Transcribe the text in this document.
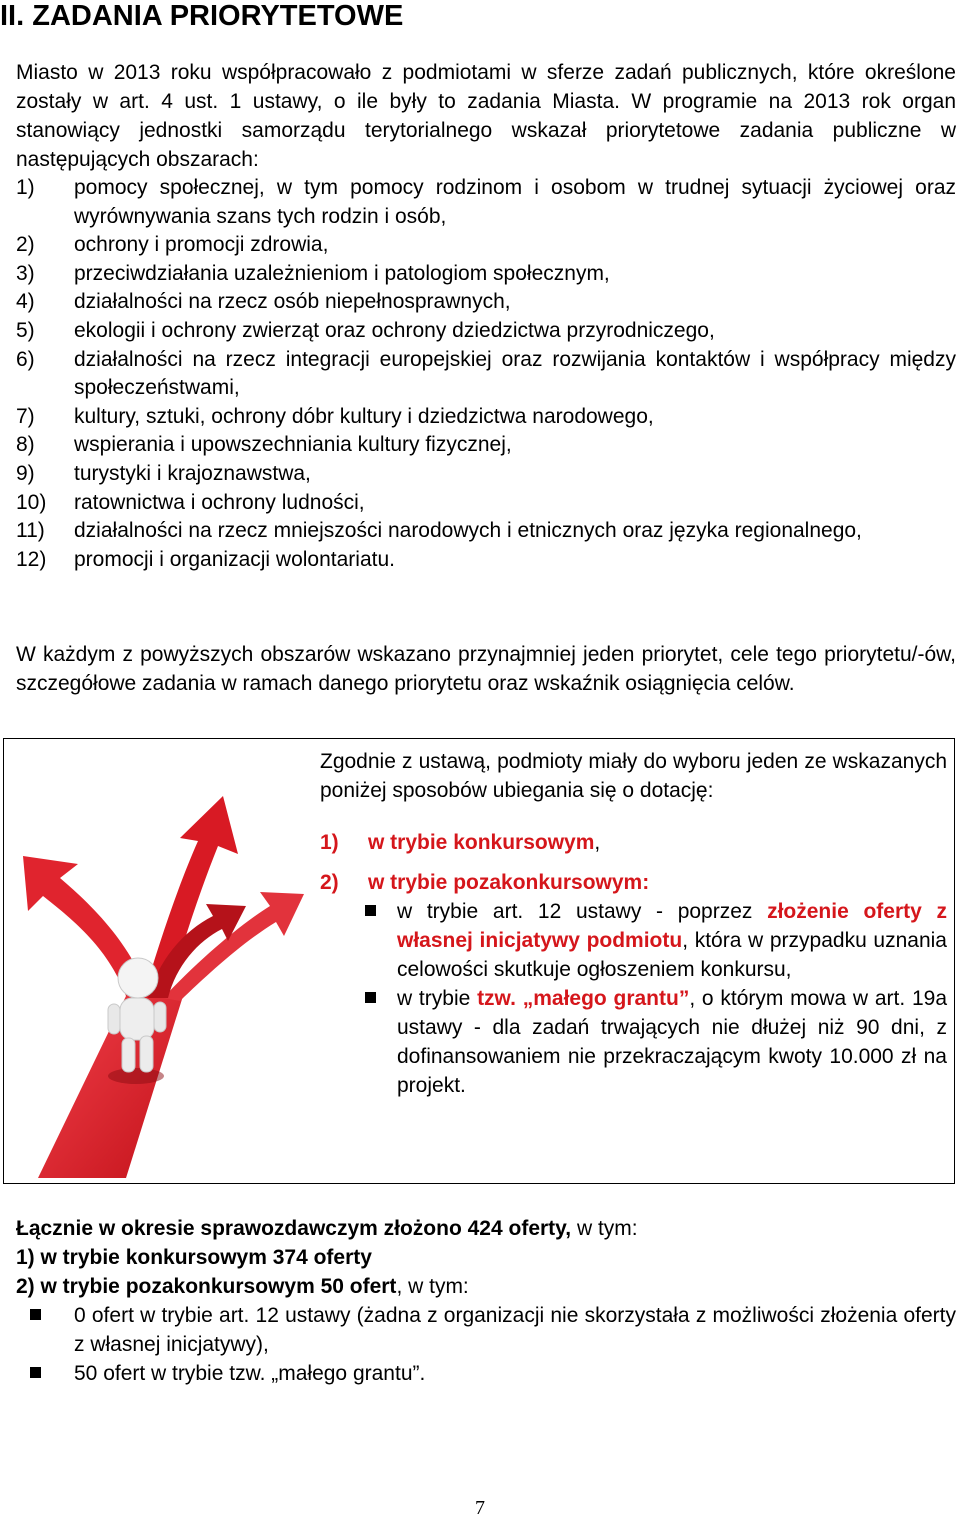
II. ZADANIA PRIORYTETOWE

Miasto w 2013 roku współpracowało z podmiotami w sferze zadań publicznych, które określone zostały w art. 4 ust. 1 ustawy, o ile były to zadania Miasta. W programie na 2013 rok organ stanowiący jednostki samorządu terytorialnego wskazał priorytetowe zadania publiczne w następujących obszarach:

1) pomocy społecznej, w tym pomocy rodzinom i osobom w trudnej sytuacji życiowej oraz wyrównywania szans tych rodzin i osób,
2) ochrony i promocji zdrowia,
3) przeciwdziałania uzależnieniom i patologiom społecznym,
4) działalności na rzecz osób niepełnosprawnych,
5) ekologii i ochrony zwierząt oraz ochrony dziedzictwa przyrodniczego,
6) działalności na rzecz integracji europejskiej oraz rozwijania kontaktów i współpracy między społeczeństwami,
7) kultury, sztuki, ochrony dóbr kultury i dziedzictwa narodowego,
8) wspierania i upowszechniania kultury fizycznej,
9) turystyki i krajoznawstwa,
10) ratownictwa i ochrony ludności,
11) działalności na rzecz mniejszości narodowych i etnicznych oraz języka regionalnego,
12) promocji i organizacji wolontariatu.

W każdym z powyższych obszarów wskazano przynajmniej jeden priorytet, cele tego priorytetu/-ów, szczegółowe zadania w ramach danego priorytetu oraz wskaźnik osiągnięcia celów.

Zgodnie z ustawą, podmioty miały do wyboru jeden ze wskazanych poniżej sposobów ubiegania się o dotację:

1) w trybie konkursowym,

2) w trybie pozakonkursowym:

w trybie art. 12 ustawy - poprzez złożenie oferty z własnej inicjatywy podmiotu, która w przypadku uznania celowości skutkuje ogłoszeniem konkursu,

w trybie tzw. „małego grantu”, o którym mowa w art. 19a ustawy - dla zadań trwających nie dłużej niż 90 dni, z dofinansowaniem nie przekraczającym kwoty 10.000 zł na projekt.

Łącznie w okresie sprawozdawczym złożono 424 oferty, w tym:

1) w trybie konkursowym 374 oferty

2) w trybie pozakonkursowym 50 ofert, w tym:

0 ofert w trybie art. 12 ustawy (żadna z organizacji nie skorzystała z możliwości złożenia oferty z własnej inicjatywy),

50 ofert w trybie tzw. „małego grantu”.

7
